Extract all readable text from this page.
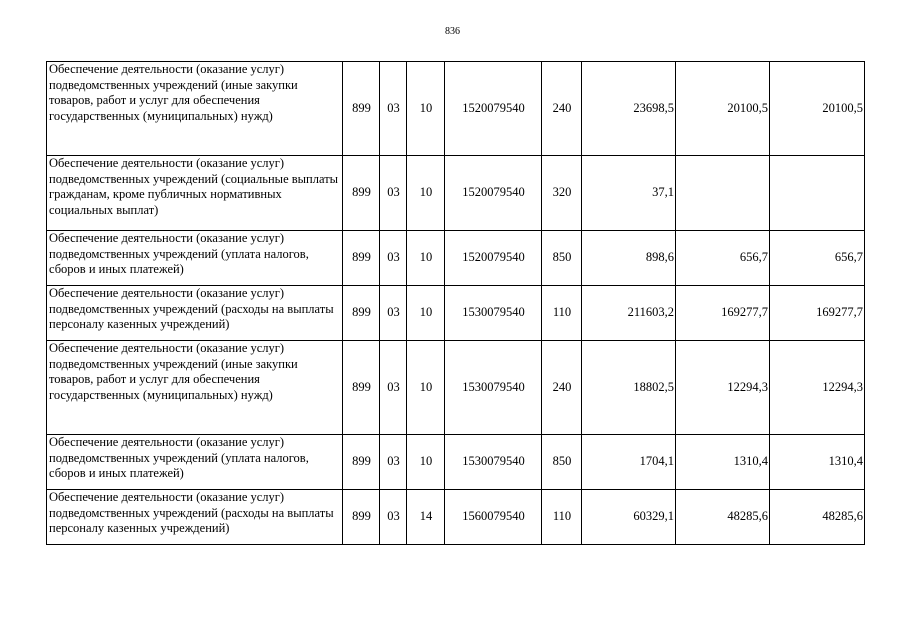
836
Обеспечение деятельности (оказание услуг) подведомственных учреждений (иные закупки товаров, работ и услуг для обеспечения государственных (муниципальных) нужд)	899	03	10	1520079540	240	23698,5	20100,5	20100,5
Обеспечение деятельности (оказание услуг) подведомственных учреждений (социальные выплаты гражданам, кроме публичных нормативных социальных выплат)	899	03	10	1520079540	320	37,1		
Обеспечение деятельности (оказание услуг) подведомственных учреждений (уплата налогов, сборов и иных платежей)	899	03	10	1520079540	850	898,6	656,7	656,7
Обеспечение деятельности (оказание услуг) подведомственных учреждений (расходы на выплаты персоналу казенных учреждений)	899	03	10	1530079540	110	211603,2	169277,7	169277,7
Обеспечение деятельности (оказание услуг) подведомственных учреждений (иные закупки товаров, работ и услуг для обеспечения государственных (муниципальных) нужд)	899	03	10	1530079540	240	18802,5	12294,3	12294,3
Обеспечение деятельности (оказание услуг) подведомственных учреждений (уплата налогов, сборов и иных платежей)	899	03	10	1530079540	850	1704,1	1310,4	1310,4
Обеспечение деятельности (оказание услуг) подведомственных учреждений (расходы на выплаты персоналу казенных учреждений)	899	03	14	1560079540	110	60329,1	48285,6	48285,6
